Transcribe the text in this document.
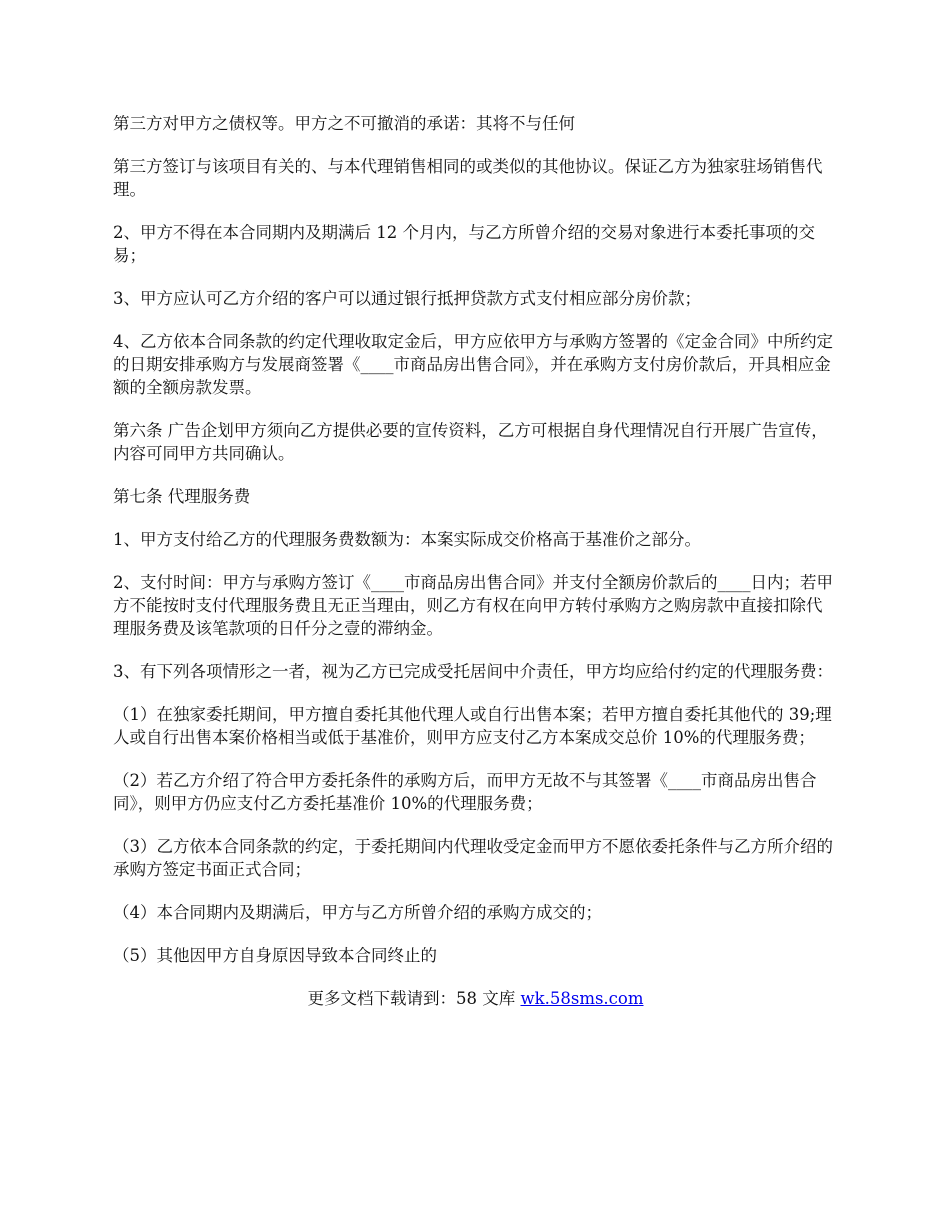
第三方对甲方之债权等。甲方之不可撤消的承诺：其将不与任何

第三方签订与该项目有关的、与本代理销售相同的或类似的其他协议。保证乙方为独家驻场销售代理。

2、甲方不得在本合同期内及期满后 12 个月内，与乙方所曾介绍的交易对象进行本委托事项的交易；

3、甲方应认可乙方介绍的客户可以通过银行抵押贷款方式支付相应部分房价款；

4、乙方依本合同条款的约定代理收取定金后，甲方应依甲方与承购方签署的《定金合同》中所约定的日期安排承购方与发展商签署《____市商品房出售合同》，并在承购方支付房价款后，开具相应金额的全额房款发票。

第六条 广告企划甲方须向乙方提供必要的宣传资料，乙方可根据自身代理情况自行开展广告宣传，内容可同甲方共同确认。

第七条 代理服务费

1、甲方支付给乙方的代理服务费数额为：本案实际成交价格高于基准价之部分。

2、支付时间：甲方与承购方签订《____市商品房出售合同》并支付全额房价款后的____日内；若甲方不能按时支付代理服务费且无正当理由，则乙方有权在向甲方转付承购方之购房款中直接扣除代理服务费及该笔款项的日仟分之壹的滞纳金。

3、有下列各项情形之一者，视为乙方已完成受托居间中介责任，甲方均应给付约定的代理服务费：

（1）在独家委托期间，甲方擅自委托其他代理人或自行出售本案；若甲方擅自委托其他代的 39;理人或自行出售本案价格相当或低于基准价，则甲方应支付乙方本案成交总价 10%的代理服务费；

（2）若乙方介绍了符合甲方委托条件的承购方后，而甲方无故不与其签署《____市商品房出售合同》，则甲方仍应支付乙方委托基准价 10%的代理服务费；

（3）乙方依本合同条款的约定，于委托期间内代理收受定金而甲方不愿依委托条件与乙方所介绍的承购方签定书面正式合同；

（4）本合同期内及期满后，甲方与乙方所曾介绍的承购方成交的；

（5）其他因甲方自身原因导致本合同终止的

更多文档下载请到：58 文库 wk.58sms.com
